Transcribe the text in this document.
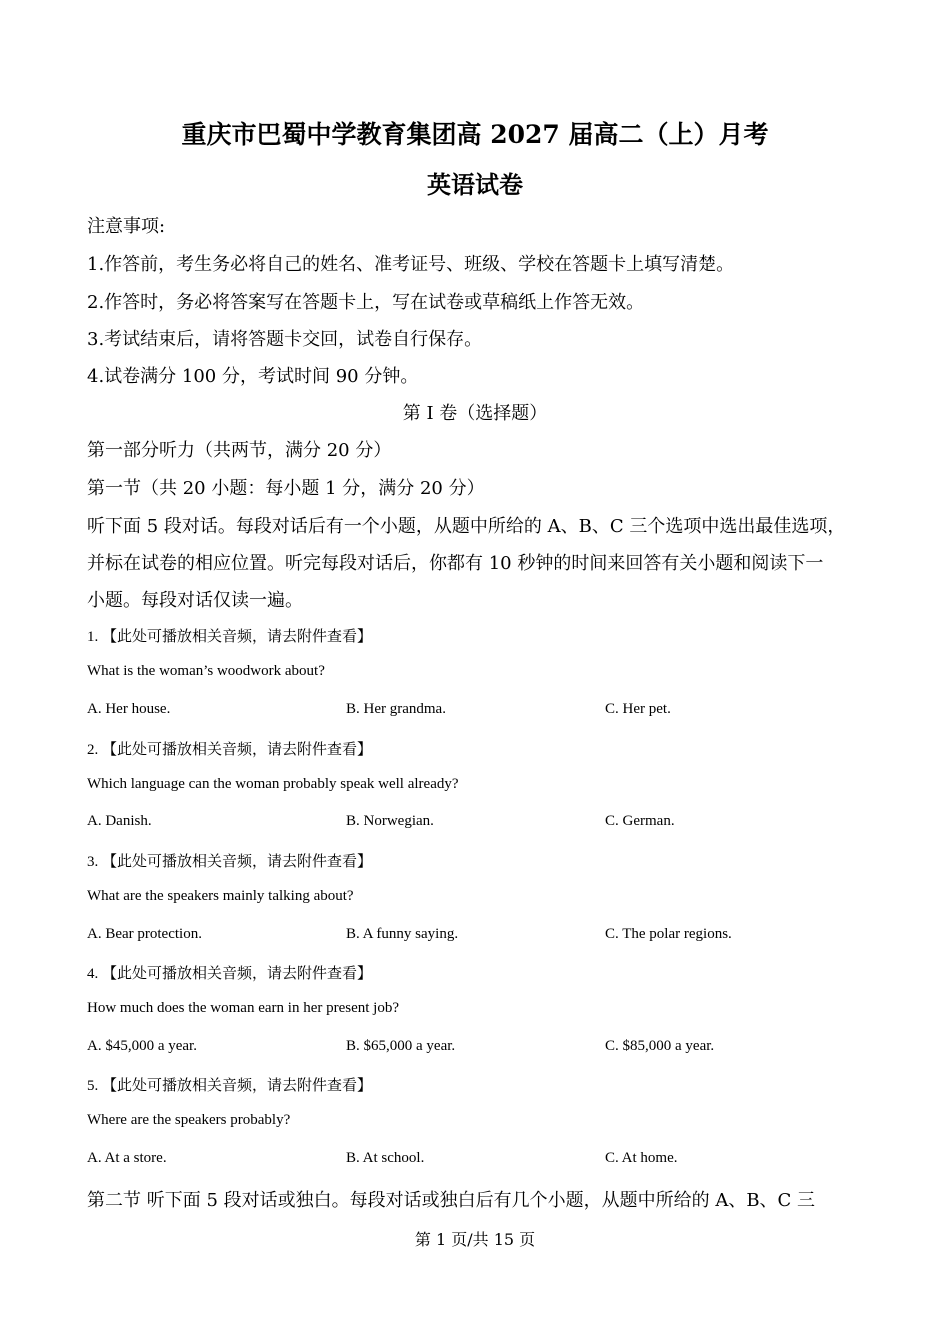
重庆市巴蜀中学教育集团高 2027 届高二（上）月考
英语试卷
注意事项:
1.作答前，考生务必将自己的姓名、准考证号、班级、学校在答题卡上填写清楚。
2.作答时，务必将答案写在答题卡上，写在试卷或草稿纸上作答无效。
3.考试结束后，请将答题卡交回，试卷自行保存。
4.试卷满分 100 分，考试时间 90 分钟。
第 I 卷（选择题）
第一部分听力（共两节，满分 20 分）
第一节（共 20 小题：每小题 1 分，满分 20 分）
听下面 5 段对话。每段对话后有一个小题，从题中所给的 A、B、C 三个选项中选出最佳选项，
并标在试卷的相应位置。听完每段对话后，你都有 10 秒钟的时间来回答有关小题和阅读下一
小题。每段对话仅读一遍。
1. 【此处可播放相关音频，请去附件查看】
What is the woman’s woodwork about?
A. Her house.	B. Her grandma.	C. Her pet.
2. 【此处可播放相关音频，请去附件查看】
Which language can the woman probably speak well already?
A. Danish.	B. Norwegian.	C. German.
3. 【此处可播放相关音频，请去附件查看】
What are the speakers mainly talking about?
A. Bear protection.	B. A funny saying.	C. The polar regions.
4. 【此处可播放相关音频，请去附件查看】
How much does the woman earn in her present job?
A. $45,000 a year.	B. $65,000 a year.	C. $85,000 a year.
5. 【此处可播放相关音频，请去附件查看】
Where are the speakers probably?
A. At a store.	B. At school.	C. At home.
第二节 听下面 5 段对话或独白。每段对话或独白后有几个小题，从题中所给的 A、B、C 三
第 1 页/共 15 页
